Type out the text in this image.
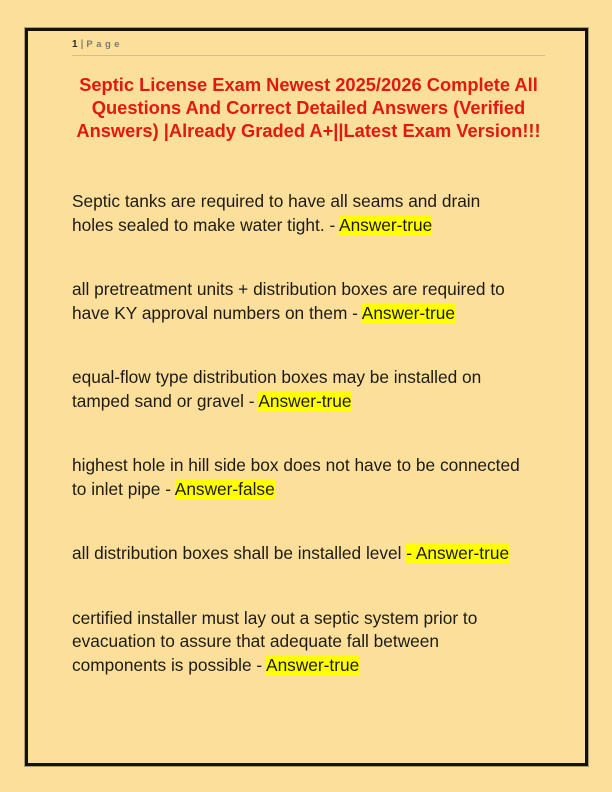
1 | Page
Septic License Exam Newest 2025/2026 Complete All
Questions And Correct Detailed Answers (Verified
Answers) |Already Graded A+||Latest Exam Version!!!

Septic tanks are required to have all seams and drain holes sealed to make water tight. - Answer-true

all pretreatment units + distribution boxes are required to have KY approval numbers on them - Answer-true

equal-flow type distribution boxes may be installed on tamped sand or gravel - Answer-true

highest hole in hill side box does not have to be connected to inlet pipe - Answer-false

all distribution boxes shall be installed level - Answer-true

certified installer must lay out a septic system prior to evacuation to assure that adequate fall between components is possible - Answer-true
